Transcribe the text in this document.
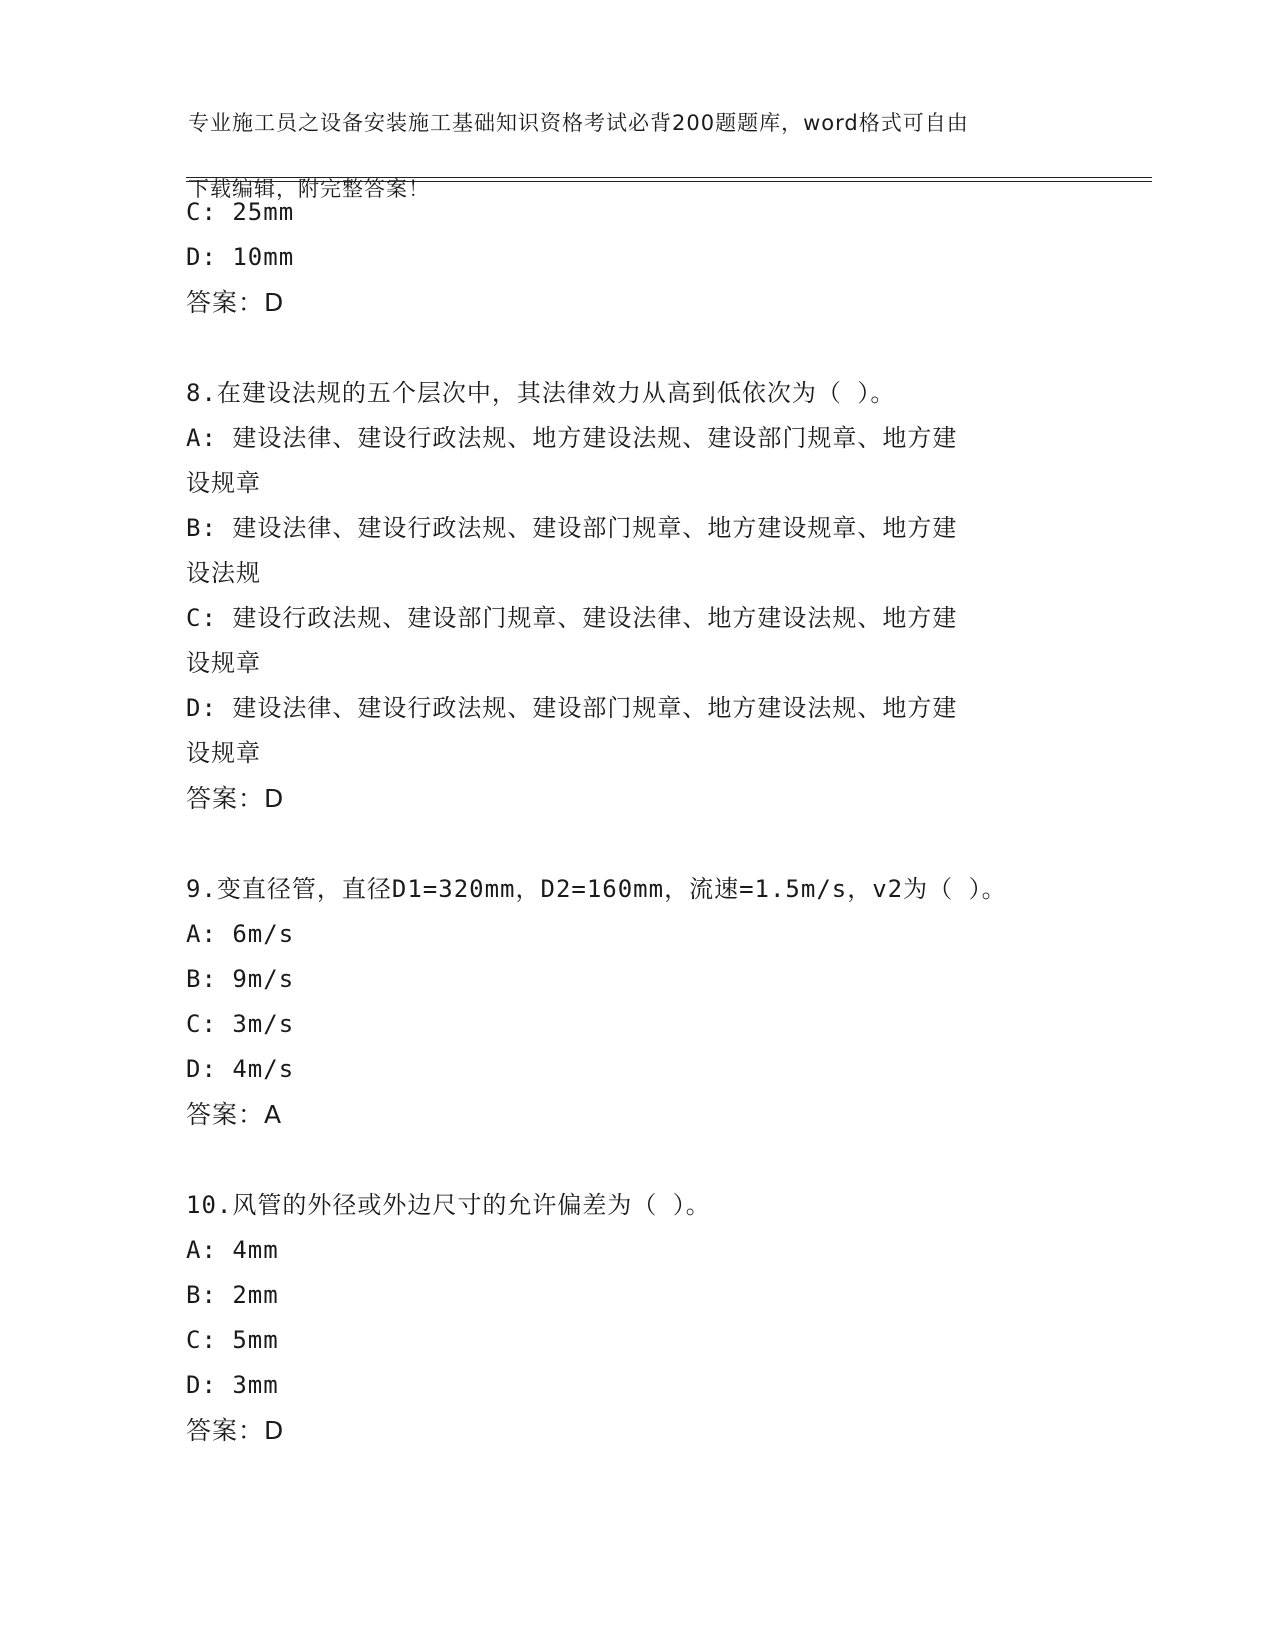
专业施工员之设备安装施工基础知识资格考试必背200题题库，word格式可自由

下载编辑，附完整答案！

C: 25mm
D: 10mm
答案：D
8.在建设法规的五个层次中，其法律效力从高到低依次为（ ）。
A: 建设法律、建设行政法规、地方建设法规、建设部门规章、地方建
设规章
B: 建设法律、建设行政法规、建设部门规章、地方建设规章、地方建
设法规
C: 建设行政法规、建设部门规章、建设法律、地方建设法规、地方建
设规章
D: 建设法律、建设行政法规、建设部门规章、地方建设法规、地方建
设规章
答案：D
9.变直径管，直径D1=320mm，D2=160mm，流速=1.5m/s，v2为（ ）。
A: 6m/s
B: 9m/s
C: 3m/s
D: 4m/s
答案：A
10.风管的外径或外边尺寸的允许偏差为（ ）。
A: 4mm
B: 2mm
C: 5mm
D: 3mm
答案：D
